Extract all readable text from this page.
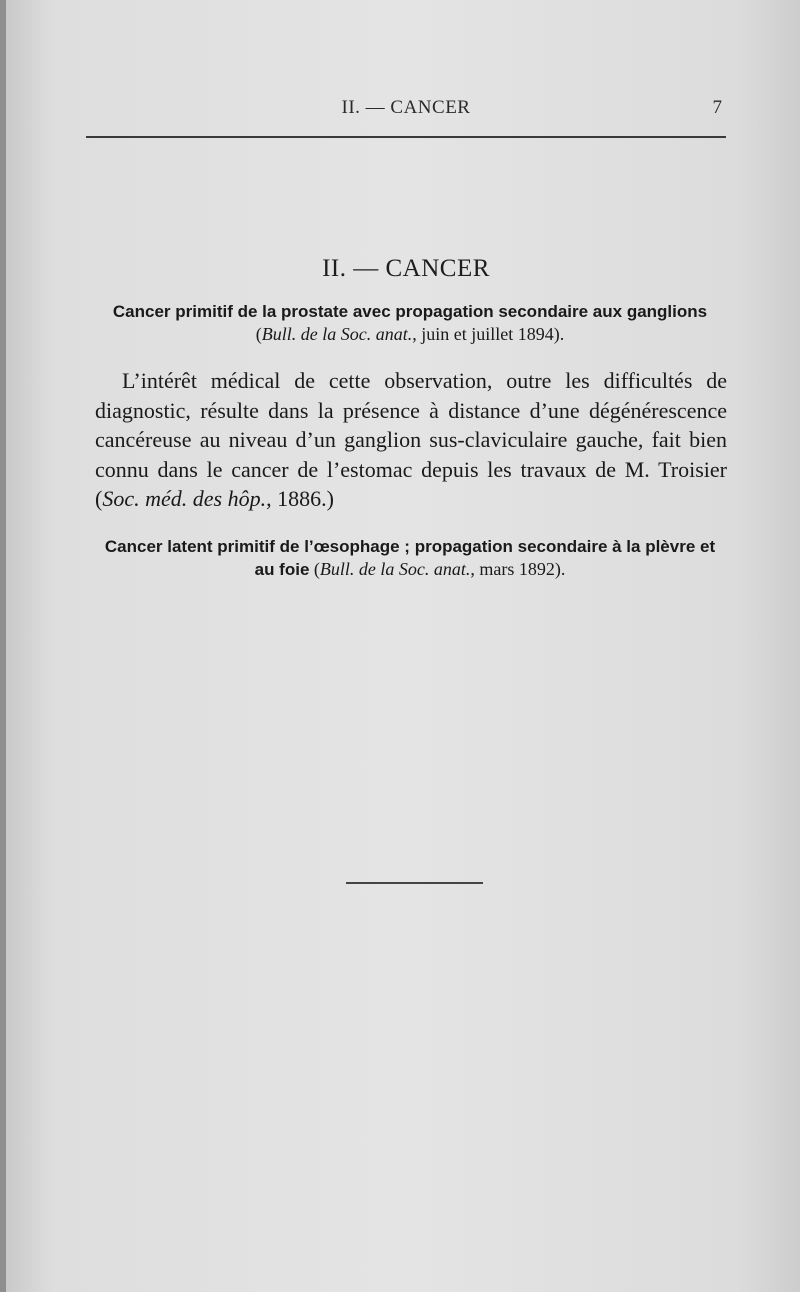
II. — CANCER	7
II. — CANCER

Cancer primitif de la prostate avec propagation secondaire aux ganglions
(Bull. de la Soc. anat., juin et juillet 1894).

L’intérêt médical de cette observation, outre les difficultés de diagnostic, résulte dans la présence à distance d’une dégénérescence cancéreuse au niveau d’un ganglion sus-claviculaire gauche, fait bien connu dans le cancer de l’estomac depuis les travaux de M. Troisier (Soc. méd. des hôp., 1886.)

Cancer latent primitif de l’œsophage ; propagation secondaire à la plèvre et au foie (Bull. de la Soc. anat., mars 1892).
